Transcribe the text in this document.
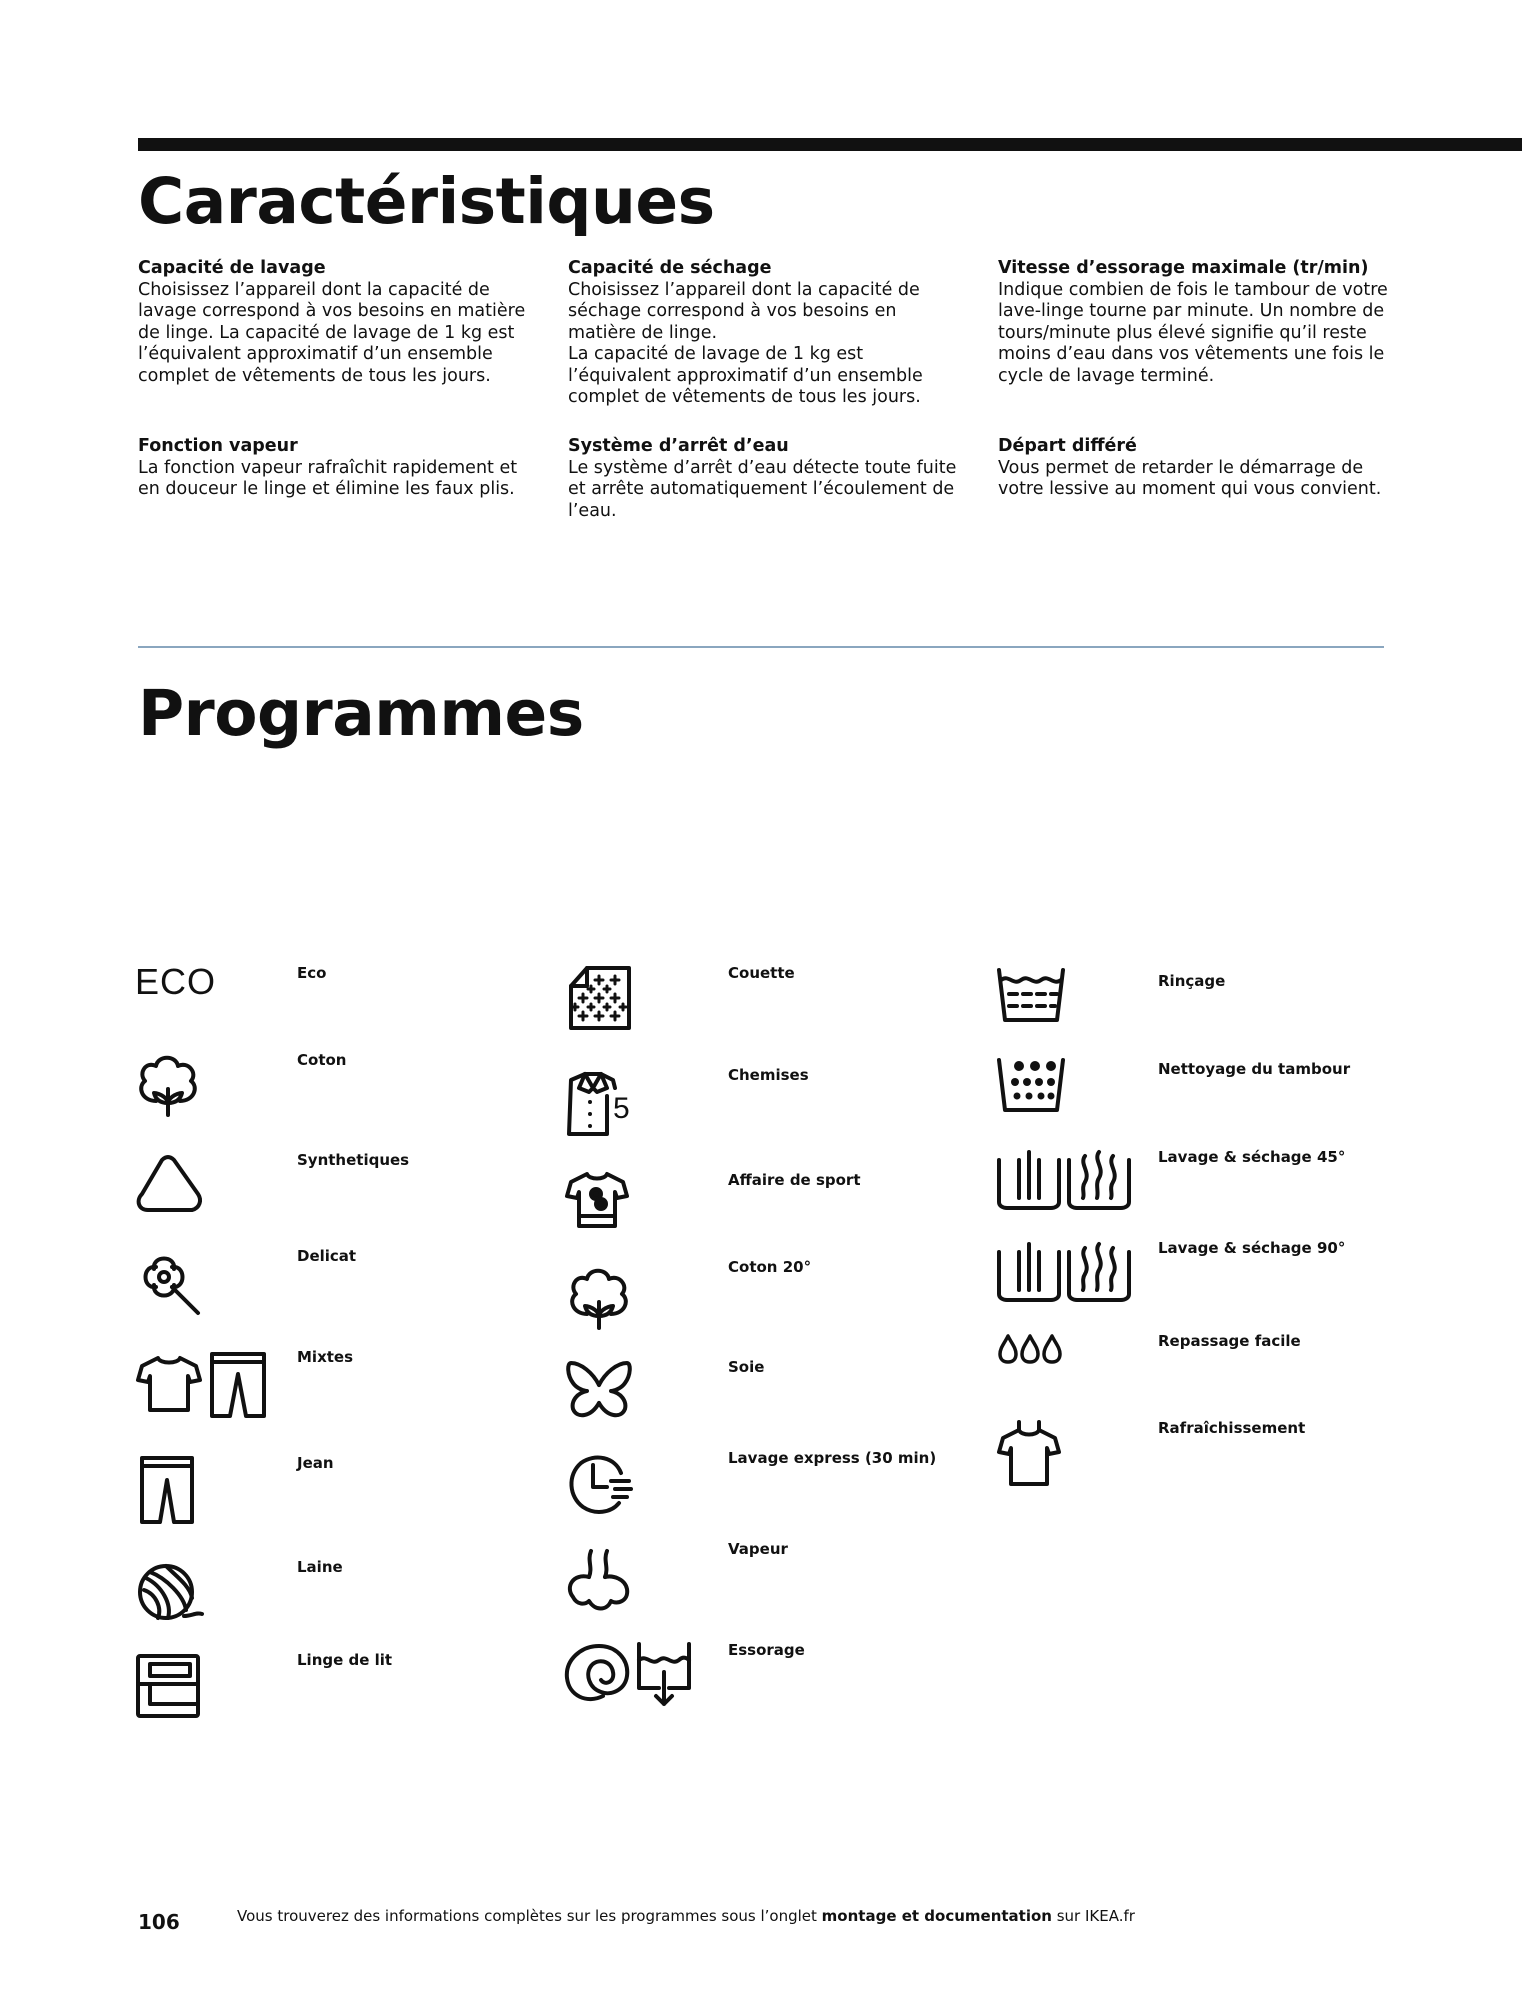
Caractéristiques
Capacité de lavage
Choisissez l’appareil dont la capacité de lavage correspond à vos besoins en matière de linge. La capacité de lavage de 1 kg est l’équivalent approximatif d’un ensemble complet de vêtements de tous les jours.
Capacité de séchage
Choisissez l’appareil dont la capacité de séchage correspond à vos besoins en matière de linge.
La capacité de lavage de 1 kg est l’équivalent approximatif d’un ensemble complet de vêtements de tous les jours.
Vitesse d’essorage maximale (tr/min)
Indique combien de fois le tambour de votre lave-linge tourne par minute. Un nombre de tours/minute plus élevé signifie qu’il reste moins d’eau dans vos vêtements une fois le cycle de lavage terminé.
Fonction vapeur
La fonction vapeur rafraîchit rapidement et en douceur le linge et élimine les faux plis.
Système d’arrêt d’eau
Le système d’arrêt d’eau détecte toute fuite et arrête automatiquement l’écoulement de l’eau.
Départ différé
Vous permet de retarder le démarrage de votre lessive au moment qui vous convient.
Programmes
ECO	Eco
Coton
Synthetiques
Delicat
Mixtes
Jean
Laine
Linge de lit
Couette
5
Chemises
Affaire de sport
Coton 20°
Soie
Lavage express (30 min)
Vapeur
Essorage
Rinçage
Nettoyage du tambour
Lavage & séchage 45°
Lavage & séchage 90°
Repassage facile
Rafraîchissement
106	Vous trouverez des informations complètes sur les programmes sous l’onglet montage et documentation sur IKEA.fr
